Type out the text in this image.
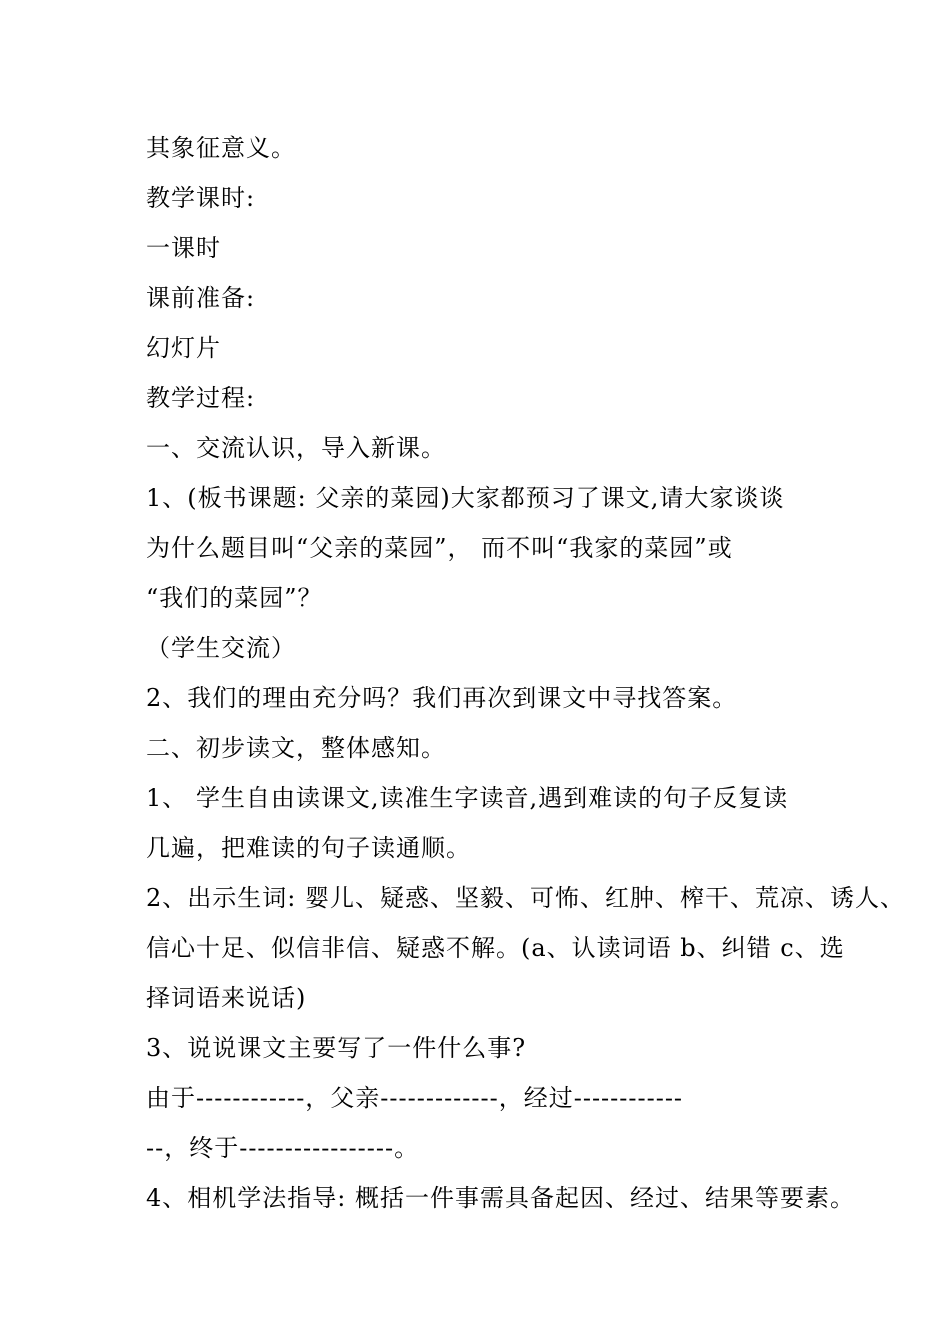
其象征意义。
教学课时:
一课时
课前准备:
幻灯片
教学过程:
一、交流认识，导入新课。
1、(板书课题: 父亲的菜园)大家都预习了课文,请大家谈谈
为什么题目叫“父亲的菜园”， 而不叫“我家的菜园”或
“我们的菜园”？
（学生交流）
2、我们的理由充分吗？我们再次到课文中寻找答案。
二、初步读文，整体感知。
1、 学生自由读课文,读准生字读音,遇到难读的句子反复读
几遍，把难读的句子读通顺。
2、出示生词: 婴儿、疑惑、坚毅、可怖、红肿、榨干、荒凉、诱人、
信心十足、似信非信、疑惑不解。(a、认读词语 b、纠错 c、选
择词语来说话)
3、说说课文主要写了一件什么事?
由于------------，父亲-------------，经过------------
--，终于-----------------。
4、相机学法指导: 概括一件事需具备起因、经过、结果等要素。
